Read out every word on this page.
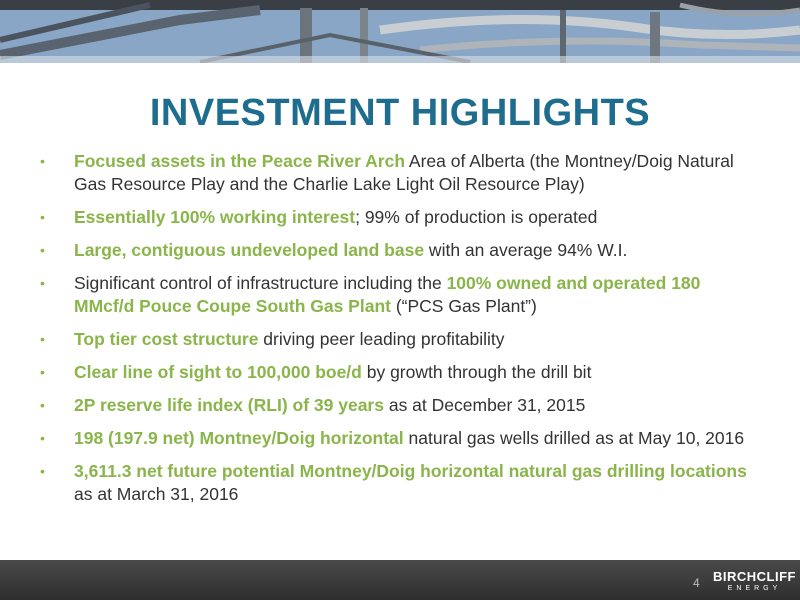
INVESTMENT HIGHLIGHTS
• Focused assets in the Peace River Arch Area of Alberta (the Montney/Doig Natural Gas Resource Play and the Charlie Lake Light Oil Resource Play)
• Essentially 100% working interest; 99% of production is operated
• Large, contiguous undeveloped land base with an average 94% W.I.
• Significant control of infrastructure including the 100% owned and operated 180 MMcf/d Pouce Coupe South Gas Plant (“PCS Gas Plant”)
• Top tier cost structure driving peer leading profitability
• Clear line of sight to 100,000 boe/d by growth through the drill bit
• 2P reserve life index (RLI) of 39 years as at December 31, 2015
• 198 (197.9 net) Montney/Doig horizontal natural gas wells drilled as at May 10, 2016
• 3,611.3 net future potential Montney/Doig horizontal natural gas drilling locations as at March 31, 2016
4 BIRCHCLIFF
ENERGY
